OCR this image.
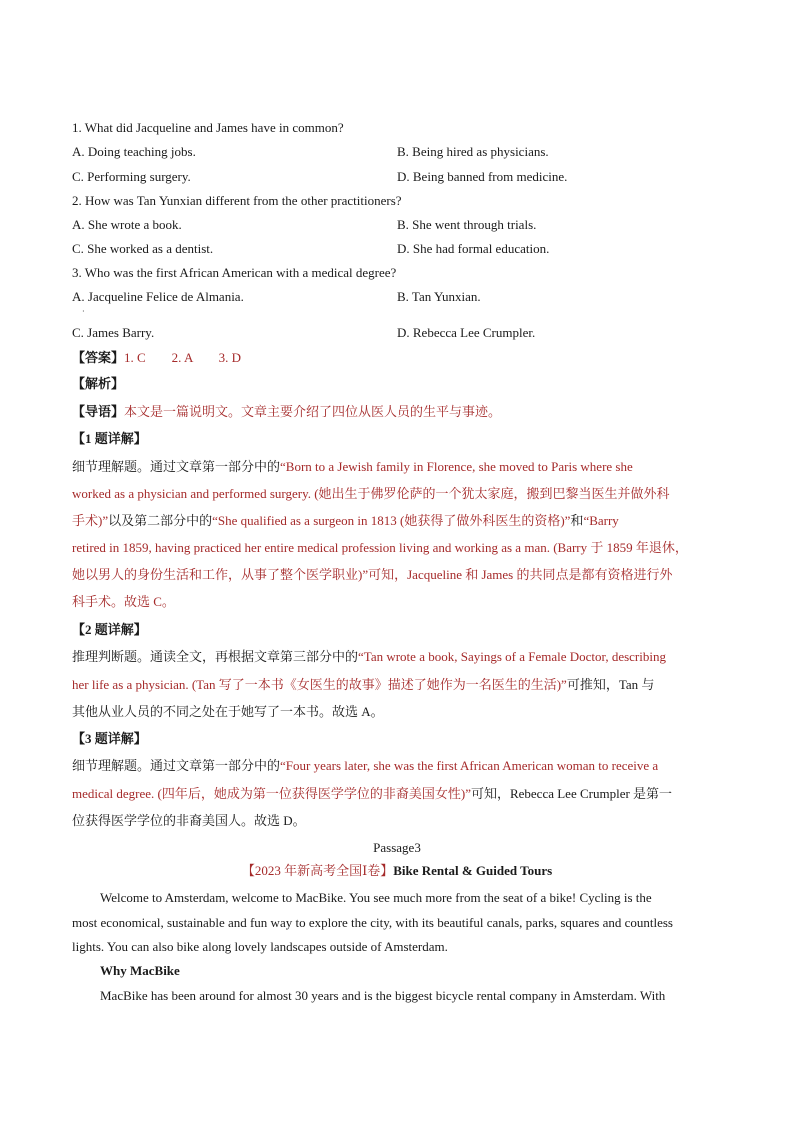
1. What did Jacqueline and James have in common?
A. Doing teaching jobs.	B. Being hired as physicians.
C. Performing surgery.	D. Being banned from medicine.
2. How was Tan Yunxian different from the other practitioners?
A. She wrote a book.	B. She went through trials.
C. She worked as a dentist.	D. She had formal education.
3. Who was the first African American with a medical degree?
A. Jacqueline Felice de Almania.	B. Tan Yunxian.
·
C. James Barry.	D. Rebecca Lee Crumpler.
【答案】1. C        2. A        3. D
【解析】
【导语】本文是一篇说明文。文章主要介绍了四位从医人员的生平与事迹。
【1 题详解】
细节理解题。通过文章第一部分中的“Born to a Jewish family in Florence, she moved to Paris where she
worked as a physician and performed surgery. (她出生于佛罗伦萨的一个犹太家庭，搬到巴黎当医生并做外科
手术)”以及第二部分中的“She qualified as a surgeon in 1813 (她获得了做外科医生的资格)”和“Barry
retired in 1859, having practiced her entire medical profession living and working as a man. (Barry 于 1859 年退休，
她以男人的身份生活和工作，从事了整个医学职业)”可知，Jacqueline 和 James 的共同点是都有资格进行外
科手术。故选 C。
【2 题详解】
推理判断题。通读全文，再根据文章第三部分中的“Tan wrote a book, Sayings of a Female Doctor, describing
her life as a physician. (Tan 写了一本书《女医生的故事》描述了她作为一名医生的生活)”可推知，Tan 与
其他从业人员的不同之处在于她写了一本书。故选 A。
【3 题详解】
细节理解题。通过文章第一部分中的“Four years later, she was the first African American woman to receive a
medical degree. (四年后，她成为第一位获得医学学位的非裔美国女性)”可知，Rebecca Lee Crumpler 是第一
位获得医学学位的非裔美国人。故选 D。
Passage3
【2023 年新高考全国Ⅰ卷】Bike Rental & Guided Tours
Welcome to Amsterdam, welcome to MacBike. You see much more from the seat of a bike! Cycling is the
most economical, sustainable and fun way to explore the city, with its beautiful canals, parks, squares and countless
lights. You can also bike along lovely landscapes outside of Amsterdam.
Why MacBike
MacBike has been around for almost 30 years and is the biggest bicycle rental company in Amsterdam. With
